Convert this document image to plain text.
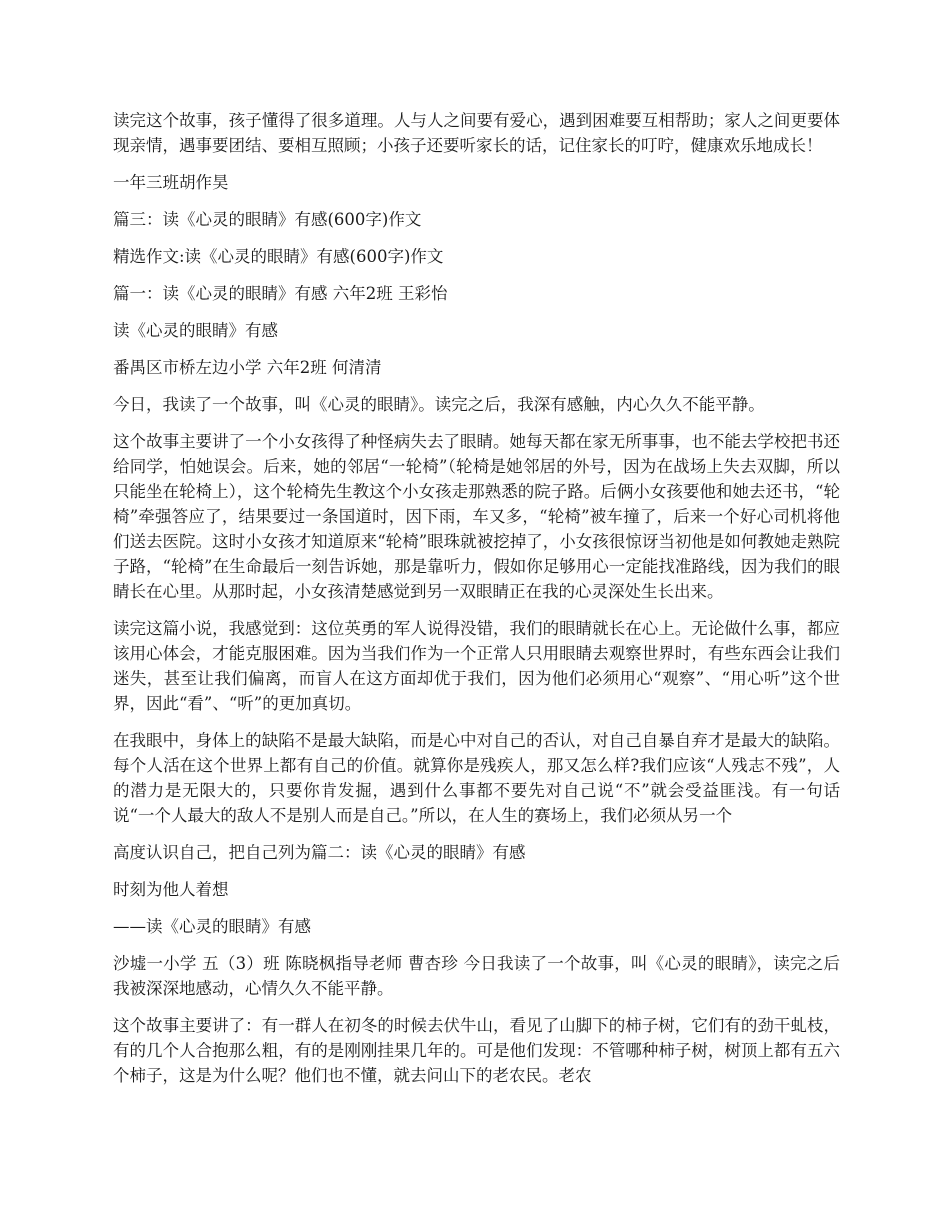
读完这个故事，孩子懂得了很多道理。人与人之间要有爱心，遇到困难要互相帮助；家人之间更要体现亲情，遇事要团结、要相互照顾；小孩子还要听家长的话，记住家长的叮咛，健康欢乐地成长！

一年三班胡作昊

篇三：读《心灵的眼睛》有感(600字)作文

精选作文:读《心灵的眼睛》有感(600字)作文

篇一：读《心灵的眼睛》有感 六年2班 王彩怡

读《心灵的眼睛》有感

番禺区市桥左边小学 六年2班 何清清

今日，我读了一个故事，叫《心灵的眼睛》。读完之后，我深有感触，内心久久不能平静。

这个故事主要讲了一个小女孩得了种怪病失去了眼睛。她每天都在家无所事事，也不能去学校把书还给同学，怕她误会。后来，她的邻居“一轮椅”（轮椅是她邻居的外号，因为在战场上失去双脚，所以只能坐在轮椅上），这个轮椅先生教这个小女孩走那熟悉的院子路。后俩小女孩要他和她去还书，“轮椅”牵强答应了，结果要过一条国道时，因下雨，车又多，“轮椅”被车撞了，后来一个好心司机将他们送去医院。这时小女孩才知道原来“轮椅”眼珠就被挖掉了，小女孩很惊讶当初他是如何教她走熟院子路，“轮椅”在生命最后一刻告诉她，那是靠听力，假如你足够用心一定能找准路线，因为我们的眼睛长在心里。从那时起，小女孩清楚感觉到另一双眼睛正在我的心灵深处生长出来。

读完这篇小说，我感觉到：这位英勇的军人说得没错，我们的眼睛就长在心上。无论做什么事，都应该用心体会，才能克服困难。因为当我们作为一个正常人只用眼睛去观察世界时，有些东西会让我们迷失，甚至让我们偏离，而盲人在这方面却优于我们，因为他们必须用心“观察”、“用心听”这个世界，因此“看”、“听”的更加真切。

在我眼中，身体上的缺陷不是最大缺陷，而是心中对自己的否认，对自己自暴自弃才是最大的缺陷。每个人活在这个世界上都有自己的价值。就算你是残疾人，那又怎么样?我们应该“人残志不残”，人的潜力是无限大的，只要你肯发掘，遇到什么事都不要先对自己说“不”就会受益匪浅。有一句话说“一个人最大的敌人不是别人而是自己。”所以，在人生的赛场上，我们必须从另一个

高度认识自己，把自己列为篇二：读《心灵的眼睛》有感

时刻为他人着想

——读《心灵的眼睛》有感

沙墟一小学 五（3）班 陈晓枫指导老师 曹杏珍 今日我读了一个故事，叫《心灵的眼睛》，读完之后我被深深地感动，心情久久不能平静。

这个故事主要讲了：有一群人在初冬的时候去伏牛山，看见了山脚下的柿子树，它们有的劲干虬枝，有的几个人合抱那么粗，有的是刚刚挂果几年的。可是他们发现：不管哪种柿子树，树顶上都有五六个柿子，这是为什么呢？他们也不懂，就去问山下的老农民。老农
